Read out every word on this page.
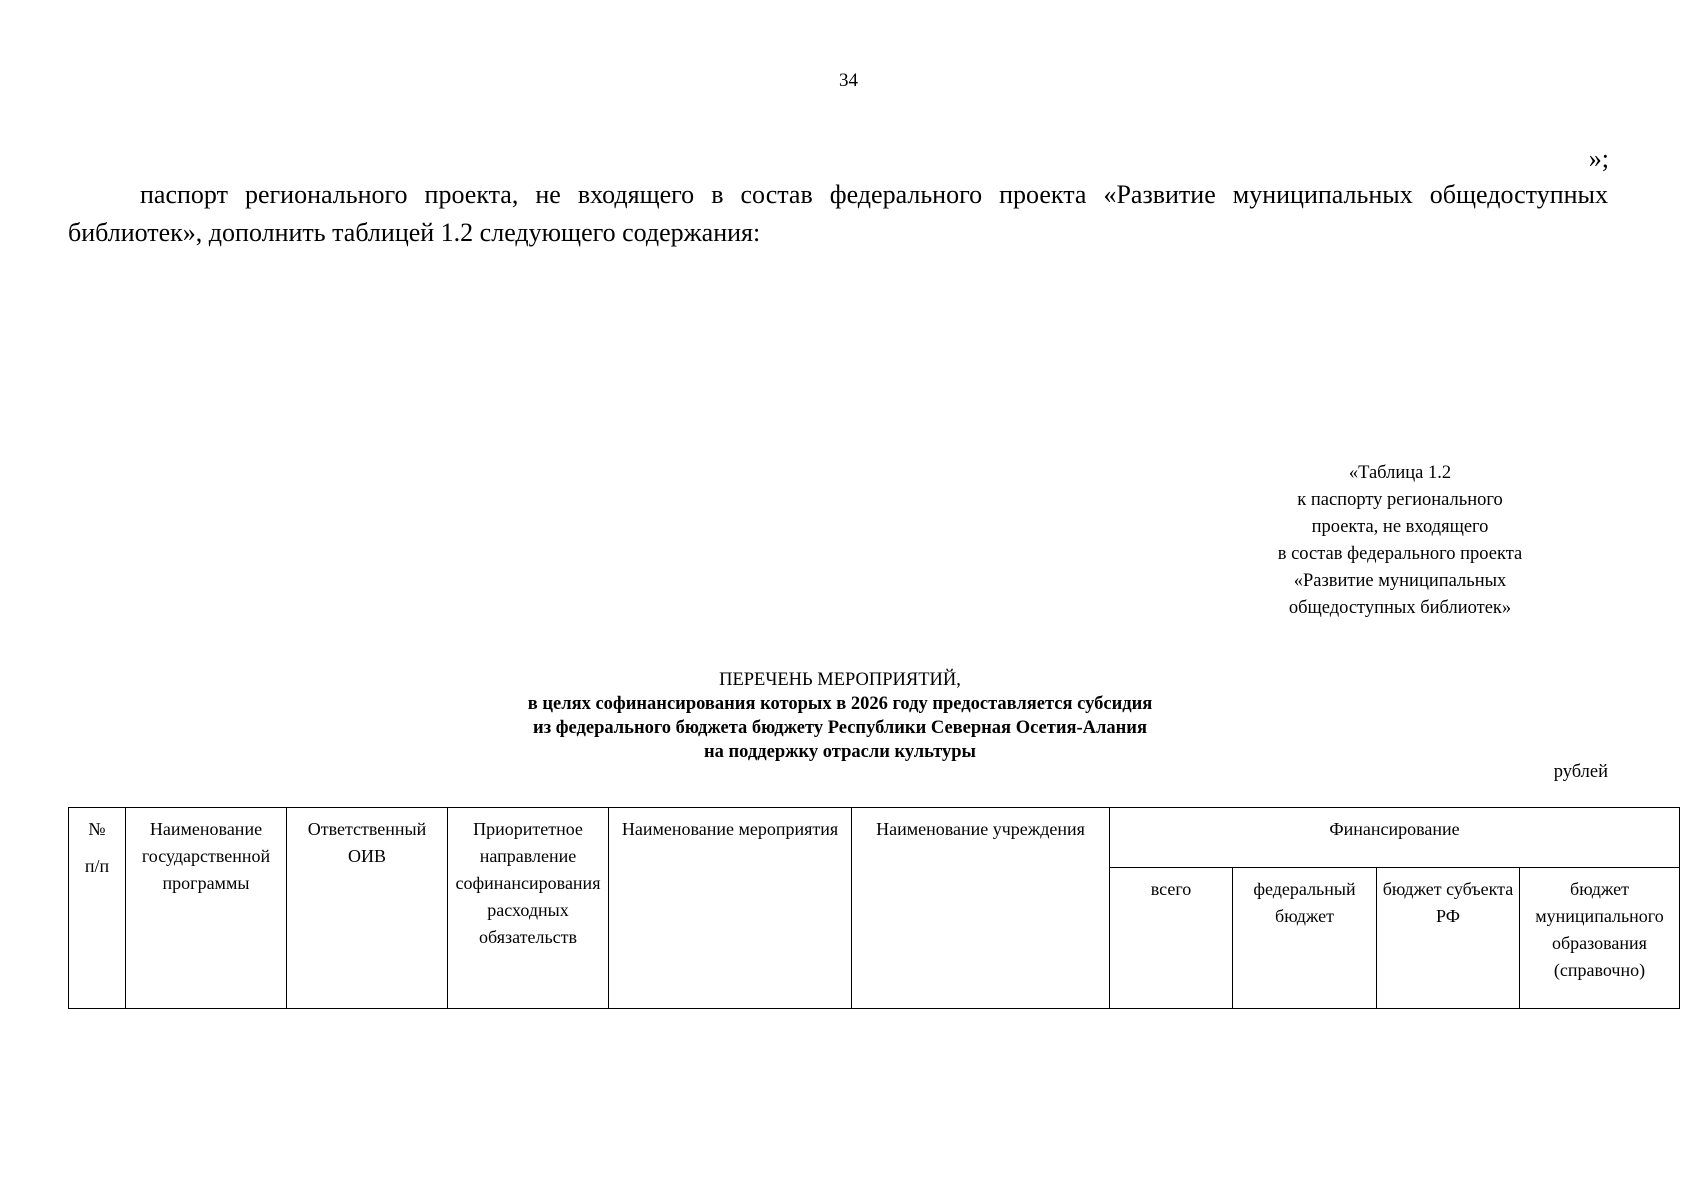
34
»;

паспорт регионального проекта, не входящего в состав федерального проекта «Развитие муниципальных общедоступных библиотек», дополнить таблицей 1.2 следующего содержания:

«Таблица 1.2
к паспорту регионального
проекта, не входящего
в состав федерального проекта
«Развитие муниципальных
общедоступных библиотек»
ПЕРЕЧЕНЬ МЕРОПРИЯТИЙ,
в целях софинансирования которых в 2026 году предоставляется субсидия
из федерального бюджета бюджету Республики Северная Осетия-Алания
на поддержку отрасли культуры
рублей
№
п/п	Наименование государственной программы	Ответственный ОИВ	Приоритетное направление софинансирования расходных обязательств	Наименование мероприятия	Наименование учреждения	Финансирование			
						всего	федеральный бюджет	бюджет субъекта РФ	бюджет муниципального образования (справочно)
